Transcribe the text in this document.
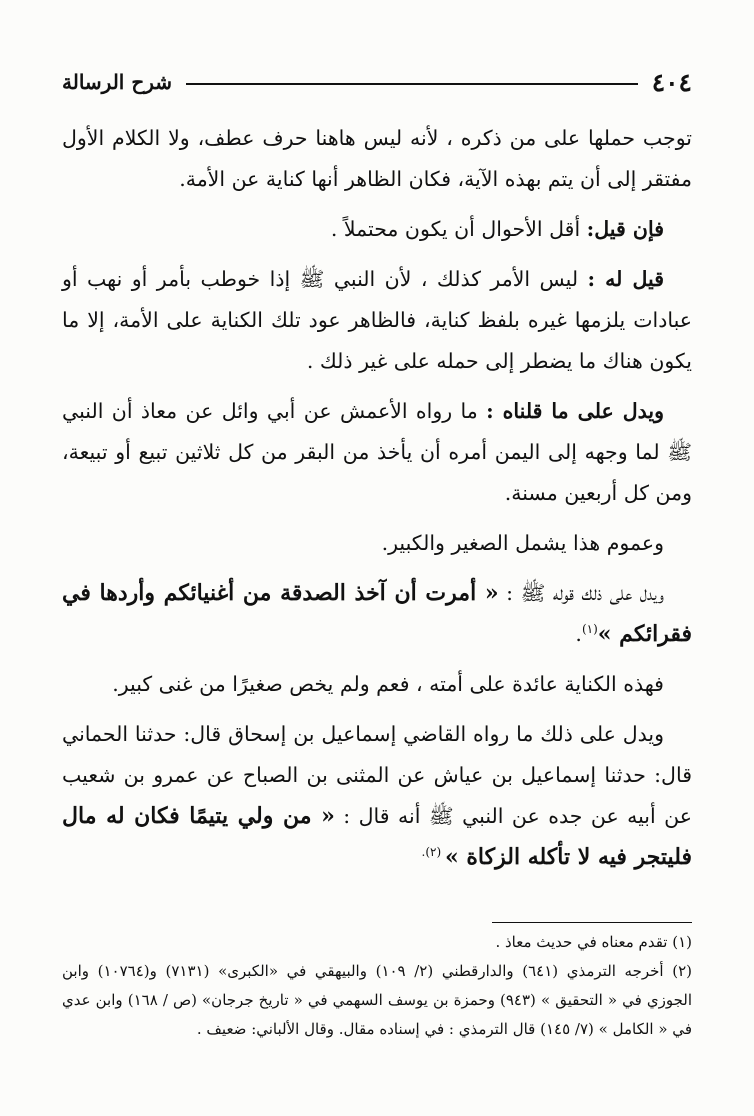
٤٠٤
شرح الرسالة

توجب حملها على من ذكره ، لأنه ليس هاهنا حرف عطف، ولا الكلام الأول مفتقر إلى أن يتم بهذه الآية، فكان الظاهر أنها كناية عن الأمة.

فإن قيل: أقل الأحوال أن يكون محتملاً .

قيل له : ليس الأمر كذلك ، لأن النبي ﷺ إذا خوطب بأمر أو نهب أو عبادات يلزمها غيره بلفظ كناية، فالظاهر عود تلك الكناية على الأمة، إلا ما يكون هناك ما يضطر إلى حمله على غير ذلك .

ويدل على ما قلناه : ما رواه الأعمش عن أبي وائل عن معاذ أن النبي ﷺ لما وجهه إلى اليمن أمره أن يأخذ من البقر من كل ثلاثين تبيع أو تبيعة، ومن كل أربعين مسنة.

وعموم هذا يشمل الصغير والكبير.

ويدل على ذلك قوله ﷺ : « أمرت أن آخذ الصدقة من أغنيائكم وأردها في فقرائكم »$^{(١)}$.

فهذه الكناية عائدة على أمته ، فعم ولم يخص صغيرًا من غنى كبير.

ويدل على ذلك ما رواه القاضي إسماعيل بن إسحاق قال: حدثنا الحماني قال: حدثنا إسماعيل بن عياش عن المثنى بن الصباح عن عمرو بن شعيب عن أبيه عن جده عن النبي ﷺ أنه قال : « من ولي يتيمًا فكان له مال فليتجر فيه لا تأكله الزكاة » $^{(٢).}$

(١) تقدم معناه في حديث معاذ .

(٢) أخرجه الترمذي (٦٤١) والدارقطني (٢/ ١٠٩) والبيهقي في «الكبرى» (٧١٣١) و(١٠٧٦٤) وابن الجوزي في « التحقيق » (٩٤٣) وحمزة بن يوسف السهمي في « تاريخ جرجان» (ص / ١٦٨) وابن عدي في « الكامل » (٧/ ١٤٥) قال الترمذي : في إسناده مقال. وقال الألباني: ضعيف .
